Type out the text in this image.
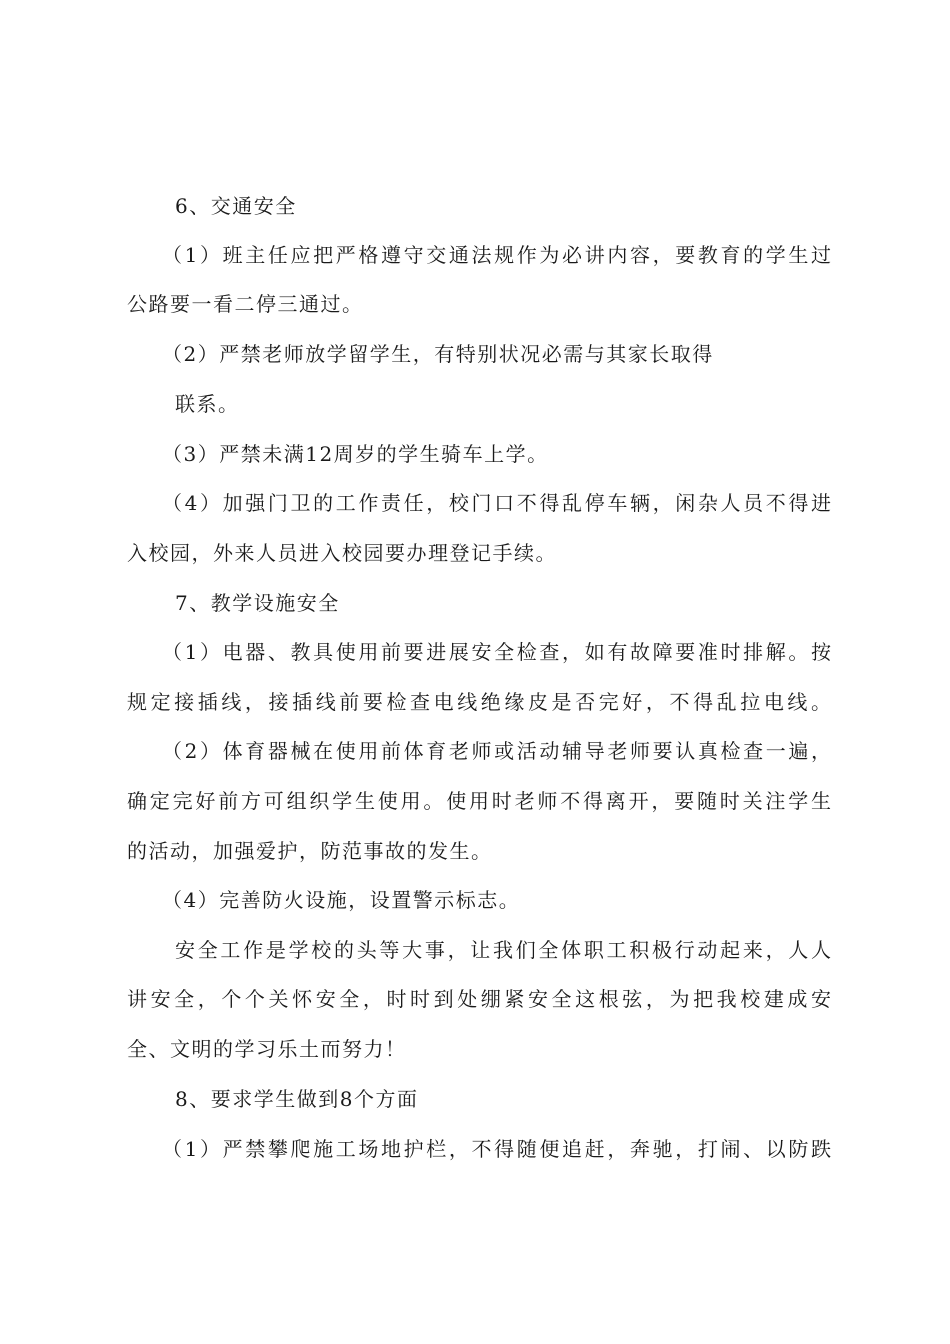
6、交通安全
（1）班主任应把严格遵守交通法规作为必讲内容，要教育的学生过
公路要一看二停三通过。
（2）严禁老师放学留学生，有特别状况必需与其家长取得
联系。
（3）严禁未满12周岁的学生骑车上学。
（4）加强门卫的工作责任，校门口不得乱停车辆，闲杂人员不得进
入校园，外来人员进入校园要办理登记手续。
7、教学设施安全
（1）电器、教具使用前要进展安全检查，如有故障要准时排解。按
规定接插线，接插线前要检查电线绝缘皮是否完好，不得乱拉电线。
（2）体育器械在使用前体育老师或活动辅导老师要认真检查一遍，
确定完好前方可组织学生使用。使用时老师不得离开，要随时关注学生
的活动，加强爱护，防范事故的发生。
（4）完善防火设施，设置警示标志。
安全工作是学校的头等大事，让我们全体职工积极行动起来，人人
讲安全，个个关怀安全，时时到处绷紧安全这根弦，为把我校建成安
全、文明的学习乐土而努力！
8、要求学生做到8个方面
（1）严禁攀爬施工场地护栏，不得随便追赶，奔驰，打闹、以防跌
